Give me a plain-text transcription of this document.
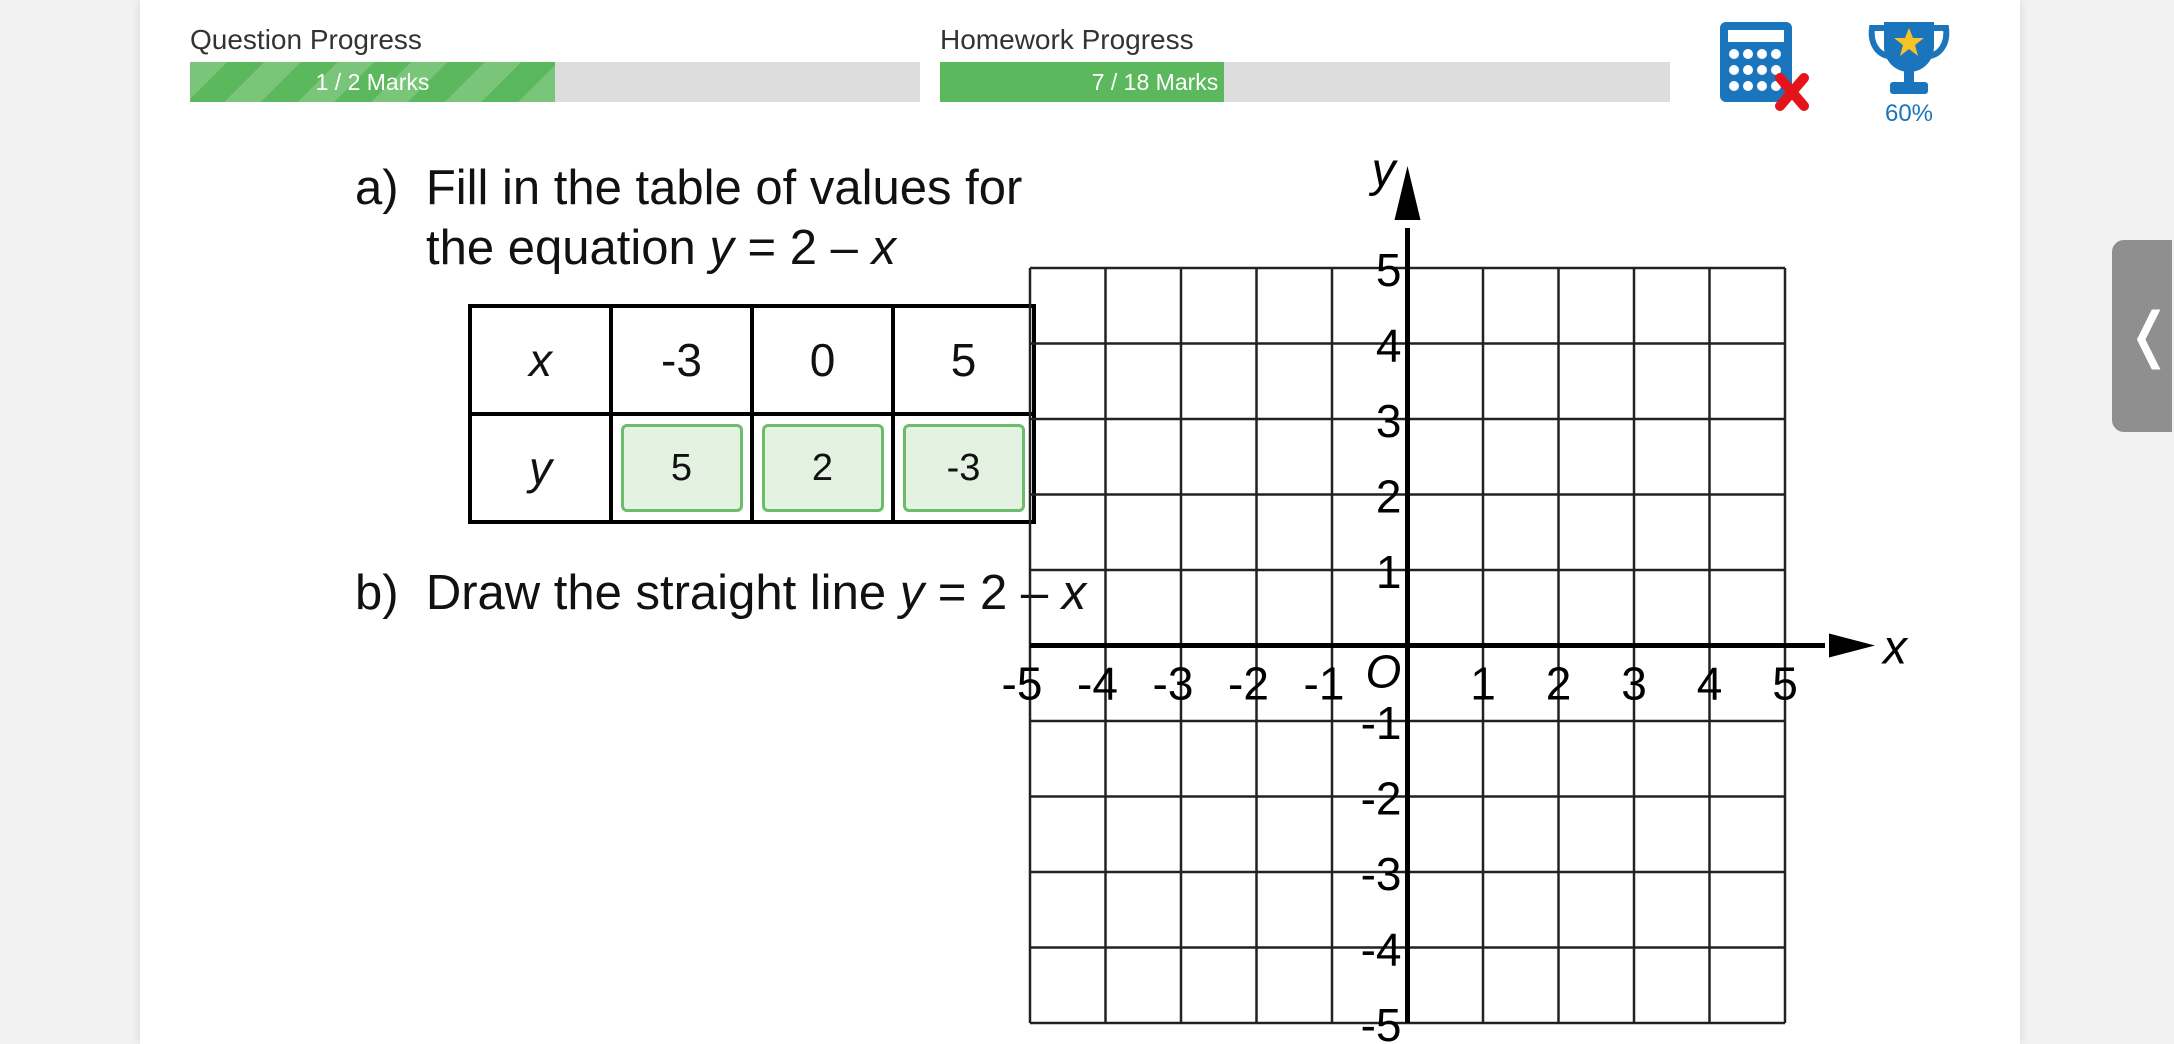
Question Progress
1 / 2 Marks
Homework Progress
7 / 18 Marks
60%
a) Fill in the table of values for
the equation y = 2 – x
x	-3	0	5
y	5	2	-3
b) Draw the straight line y = 2 – x
x
y
O
-5 -4 -3 -2 -1	1 2 3 4 5
5
4
3
2
1
-1
-2
-3
-4
-5
❬
